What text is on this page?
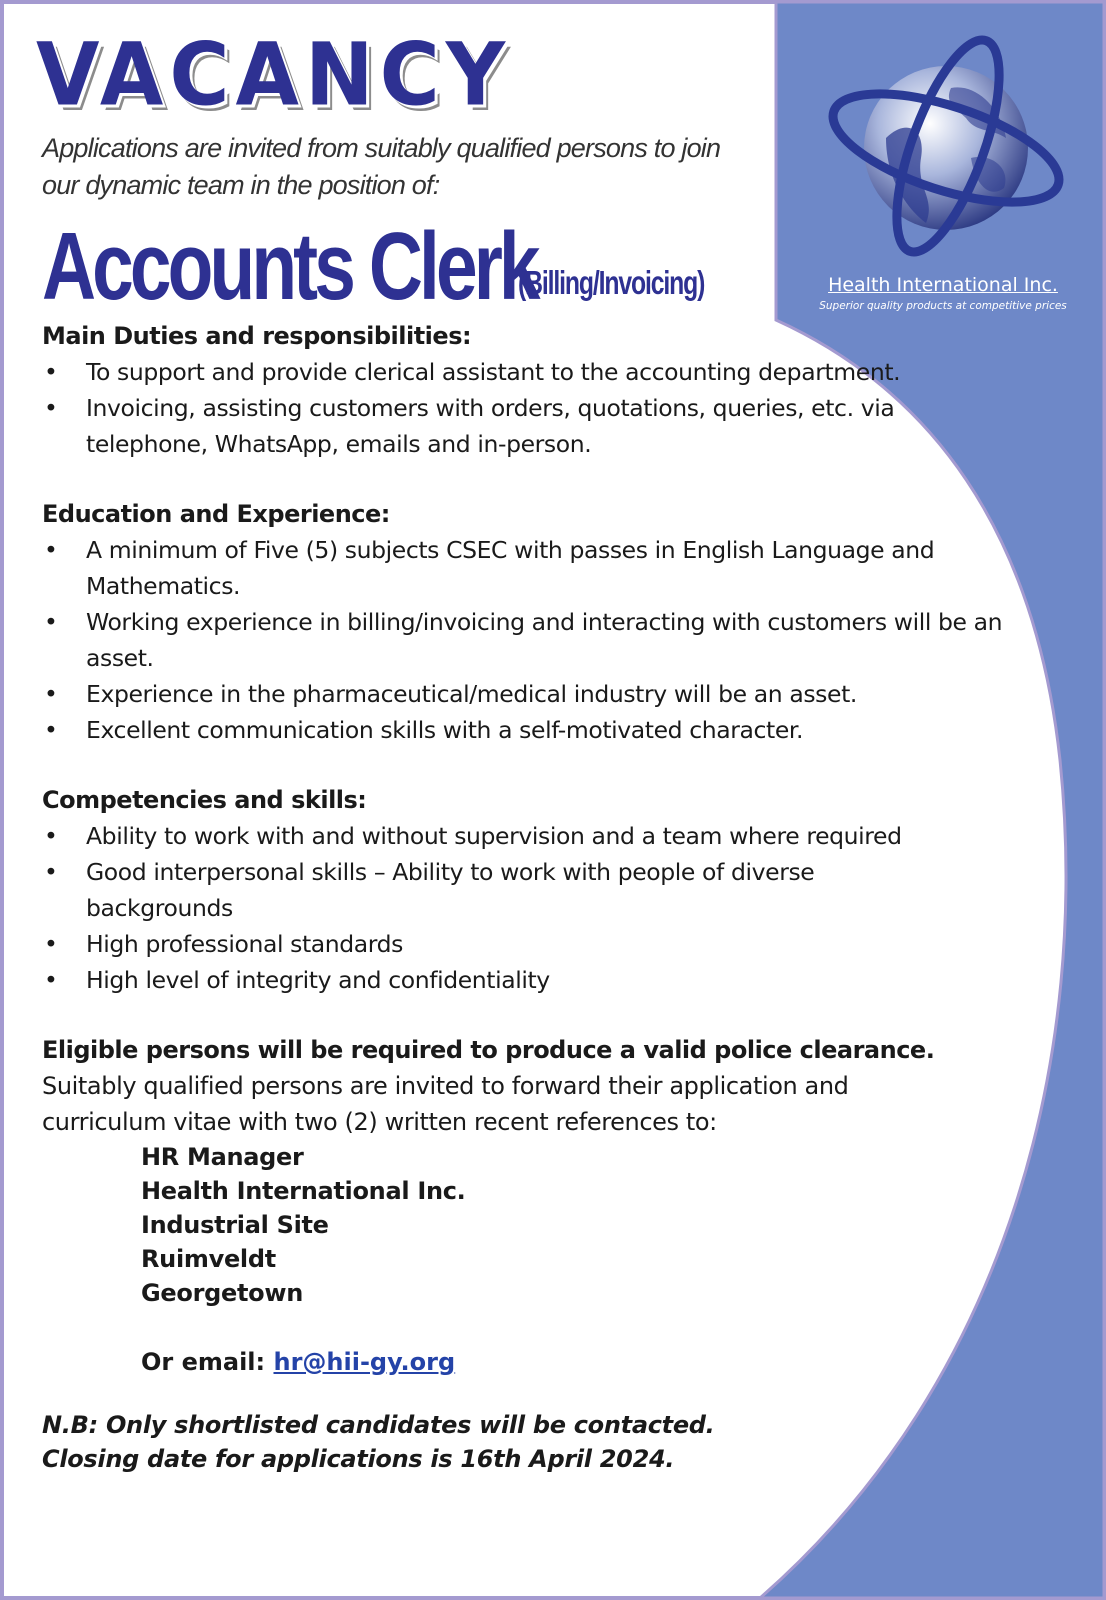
Health International Inc.
Superior quality products at competitive prices
VACANCY
Applications are invited from suitably qualified persons to join our dynamic team in the position of:
Accounts Clerk
(Billing/Invoicing)
Main Duties and responsibilities:
• To support and provide clerical assistant to the accounting department.
• Invoicing, assisting customers with orders, quotations, queries, etc. via telephone, WhatsApp, emails and in-person.
Education and Experience:
• A minimum of Five (5) subjects CSEC with passes in English Language and Mathematics.
• Working experience in billing/invoicing and interacting with customers will be an asset.
• Experience in the pharmaceutical/medical industry will be an asset.
• Excellent communication skills with a self-motivated character.
Competencies and skills:
• Ability to work with and without supervision and a team where required
• Good interpersonal skills – Ability to work with people of diverse backgrounds
• High professional standards
• High level of integrity and confidentiality

Eligible persons will be required to produce a valid police clearance.

Suitably qualified persons are invited to forward their application and curriculum vitae with two (2) written recent references to:

HR Manager
Health International Inc.
Industrial Site
Ruimveldt
Georgetown
Or email: hr@hii-gy.org
N.B: Only shortlisted candidates will be contacted.
Closing date for applications is 16th April 2024.
